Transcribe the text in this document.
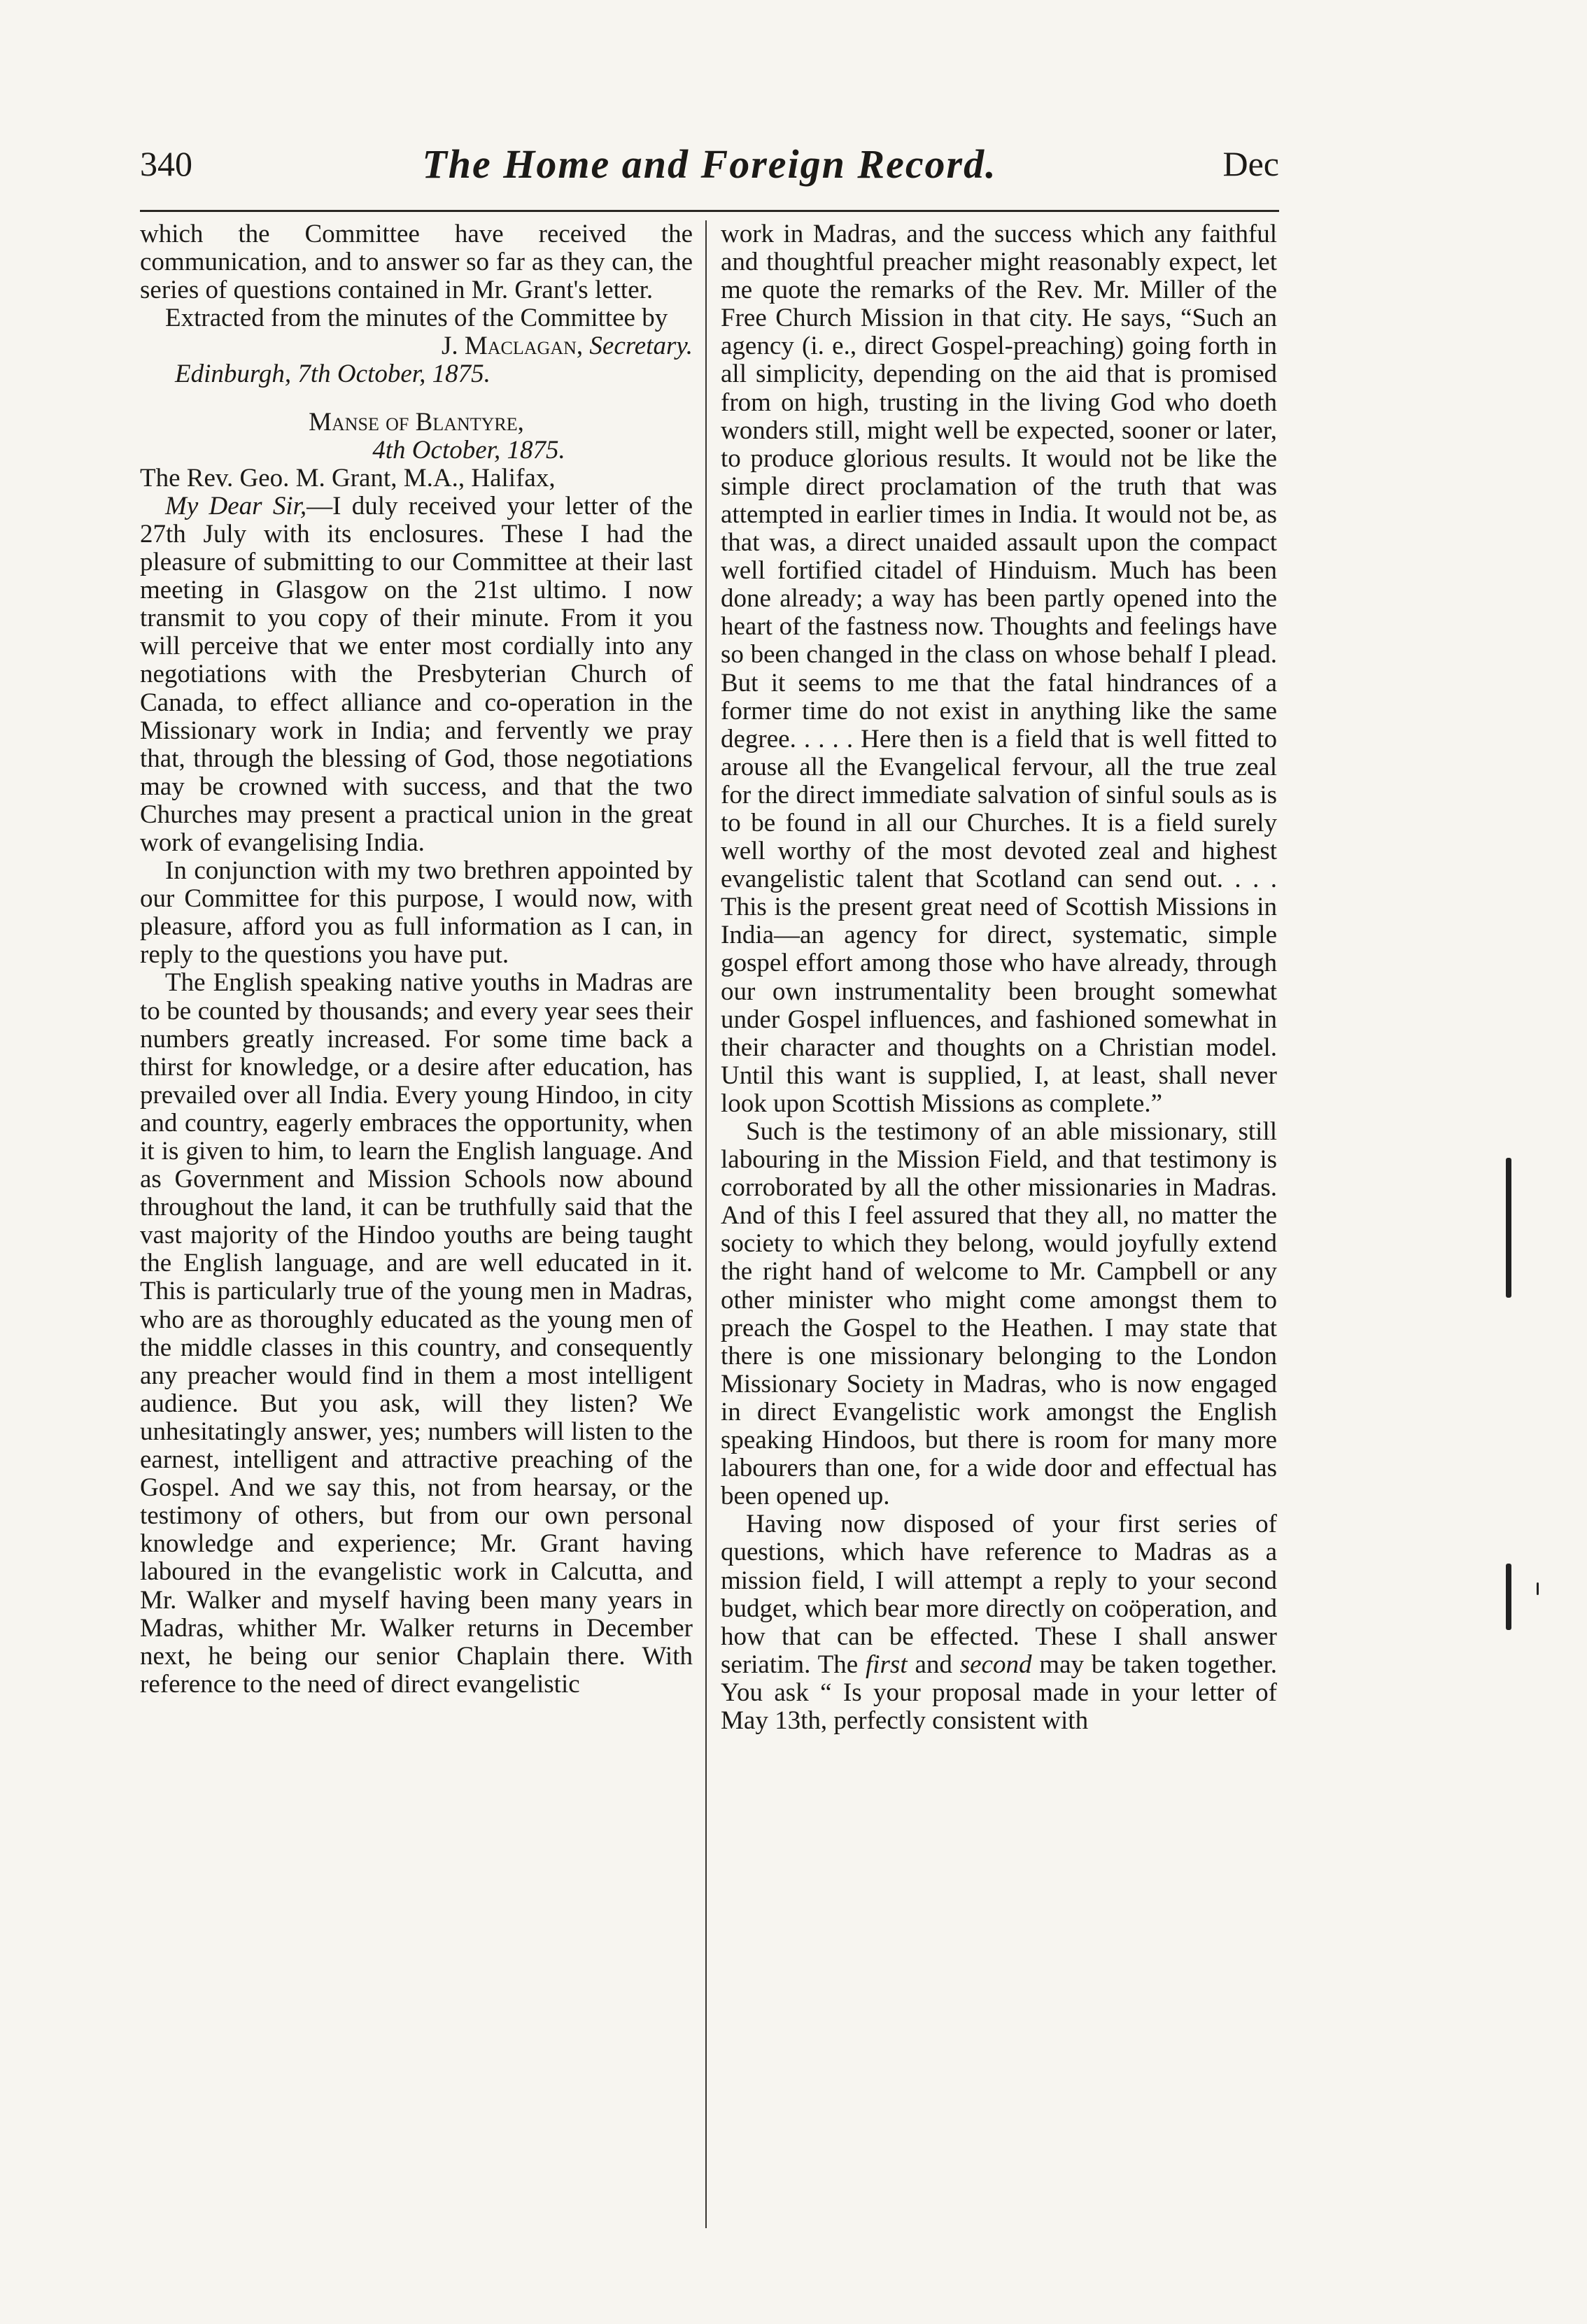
340	The Home and Foreign Record.	Dec

which the Committee have received the communication, and to answer so far as they can, the series of questions contained in Mr. Grant's letter.

Extracted from the minutes of the Committee by

J. Maclagan, Secretary.

Edinburgh, 7th October, 1875.

Manse of Blantyre,

4th October, 1875.

The Rev. Geo. M. Grant, M.A., Halifax,

My Dear Sir,—I duly received your letter of the 27th July with its enclosures. These I had the pleasure of submitting to our Committee at their last meeting in Glasgow on the 21st ultimo. I now transmit to you copy of their minute. From it you will perceive that we enter most cordially into any negotiations with the Presbyterian Church of Canada, to effect alliance and co-operation in the Missionary work in India; and fervently we pray that, through the blessing of God, those negotiations may be crowned with success, and that the two Churches may present a practical union in the great work of evangelising India.

In conjunction with my two brethren appointed by our Committee for this purpose, I would now, with pleasure, afford you as full information as I can, in reply to the questions you have put.

The English speaking native youths in Madras are to be counted by thousands; and every year sees their numbers greatly increased. For some time back a thirst for knowledge, or a desire after education, has prevailed over all India. Every young Hindoo, in city and country, eagerly embraces the opportunity, when it is given to him, to learn the English language. And as Government and Mission Schools now abound throughout the land, it can be truthfully said that the vast majority of the Hindoo youths are being taught the English language, and are well educated in it. This is particularly true of the young men in Madras, who are as thoroughly educated as the young men of the middle classes in this country, and consequently any preacher would find in them a most intelligent audience. But you ask, will they listen? We unhesitatingly answer, yes; numbers will listen to the earnest, intelligent and attractive preaching of the Gospel. And we say this, not from hearsay, or the testimony of others, but from our own personal knowledge and experience; Mr. Grant having laboured in the evangelistic work in Calcutta, and Mr. Walker and myself having been many years in Madras, whither Mr. Walker returns in December next, he being our senior Chaplain there. With reference to the need of direct evangelistic

work in Madras, and the success which any faithful and thoughtful preacher might reasonably expect, let me quote the remarks of the Rev. Mr. Miller of the Free Church Mission in that city. He says, “Such an agency (i. e., direct Gospel-preaching) going forth in all simplicity, depending on the aid that is promised from on high, trusting in the living God who doeth wonders still, might well be expected, sooner or later, to produce glorious results. It would not be like the simple direct proclamation of the truth that was attempted in earlier times in India. It would not be, as that was, a direct unaided assault upon the compact well fortified citadel of Hinduism. Much has been done already; a way has been partly opened into the heart of the fastness now. Thoughts and feelings have so been changed in the class on whose behalf I plead. But it seems to me that the fatal hindrances of a former time do not exist in anything like the same degree. . . . . Here then is a field that is well fitted to arouse all the Evangelical fervour, all the true zeal for the direct immediate salvation of sinful souls as is to be found in all our Churches. It is a field surely well worthy of the most devoted zeal and highest evangelistic talent that Scotland can send out. . . . This is the present great need of Scottish Missions in India—an agency for direct, systematic, simple gospel effort among those who have already, through our own instrumentality been brought somewhat under Gospel influences, and fashioned somewhat in their character and thoughts on a Christian model. Until this want is supplied, I, at least, shall never look upon Scottish Missions as complete.”

Such is the testimony of an able missionary, still labouring in the Mission Field, and that testimony is corroborated by all the other missionaries in Madras. And of this I feel assured that they all, no matter the society to which they belong, would joyfully extend the right hand of welcome to Mr. Campbell or any other minister who might come amongst them to preach the Gospel to the Heathen. I may state that there is one missionary belonging to the London Missionary Society in Madras, who is now engaged in direct Evangelistic work amongst the English speaking Hindoos, but there is room for many more labourers than one, for a wide door and effectual has been opened up.

Having now disposed of your first series of questions, which have reference to Madras as a mission field, I will attempt a reply to your second budget, which bear more directly on coöperation, and how that can be effected. These I shall answer seriatim. The first and second may be taken together. You ask “ Is your proposal made in your letter of May 13th, perfectly consistent with
